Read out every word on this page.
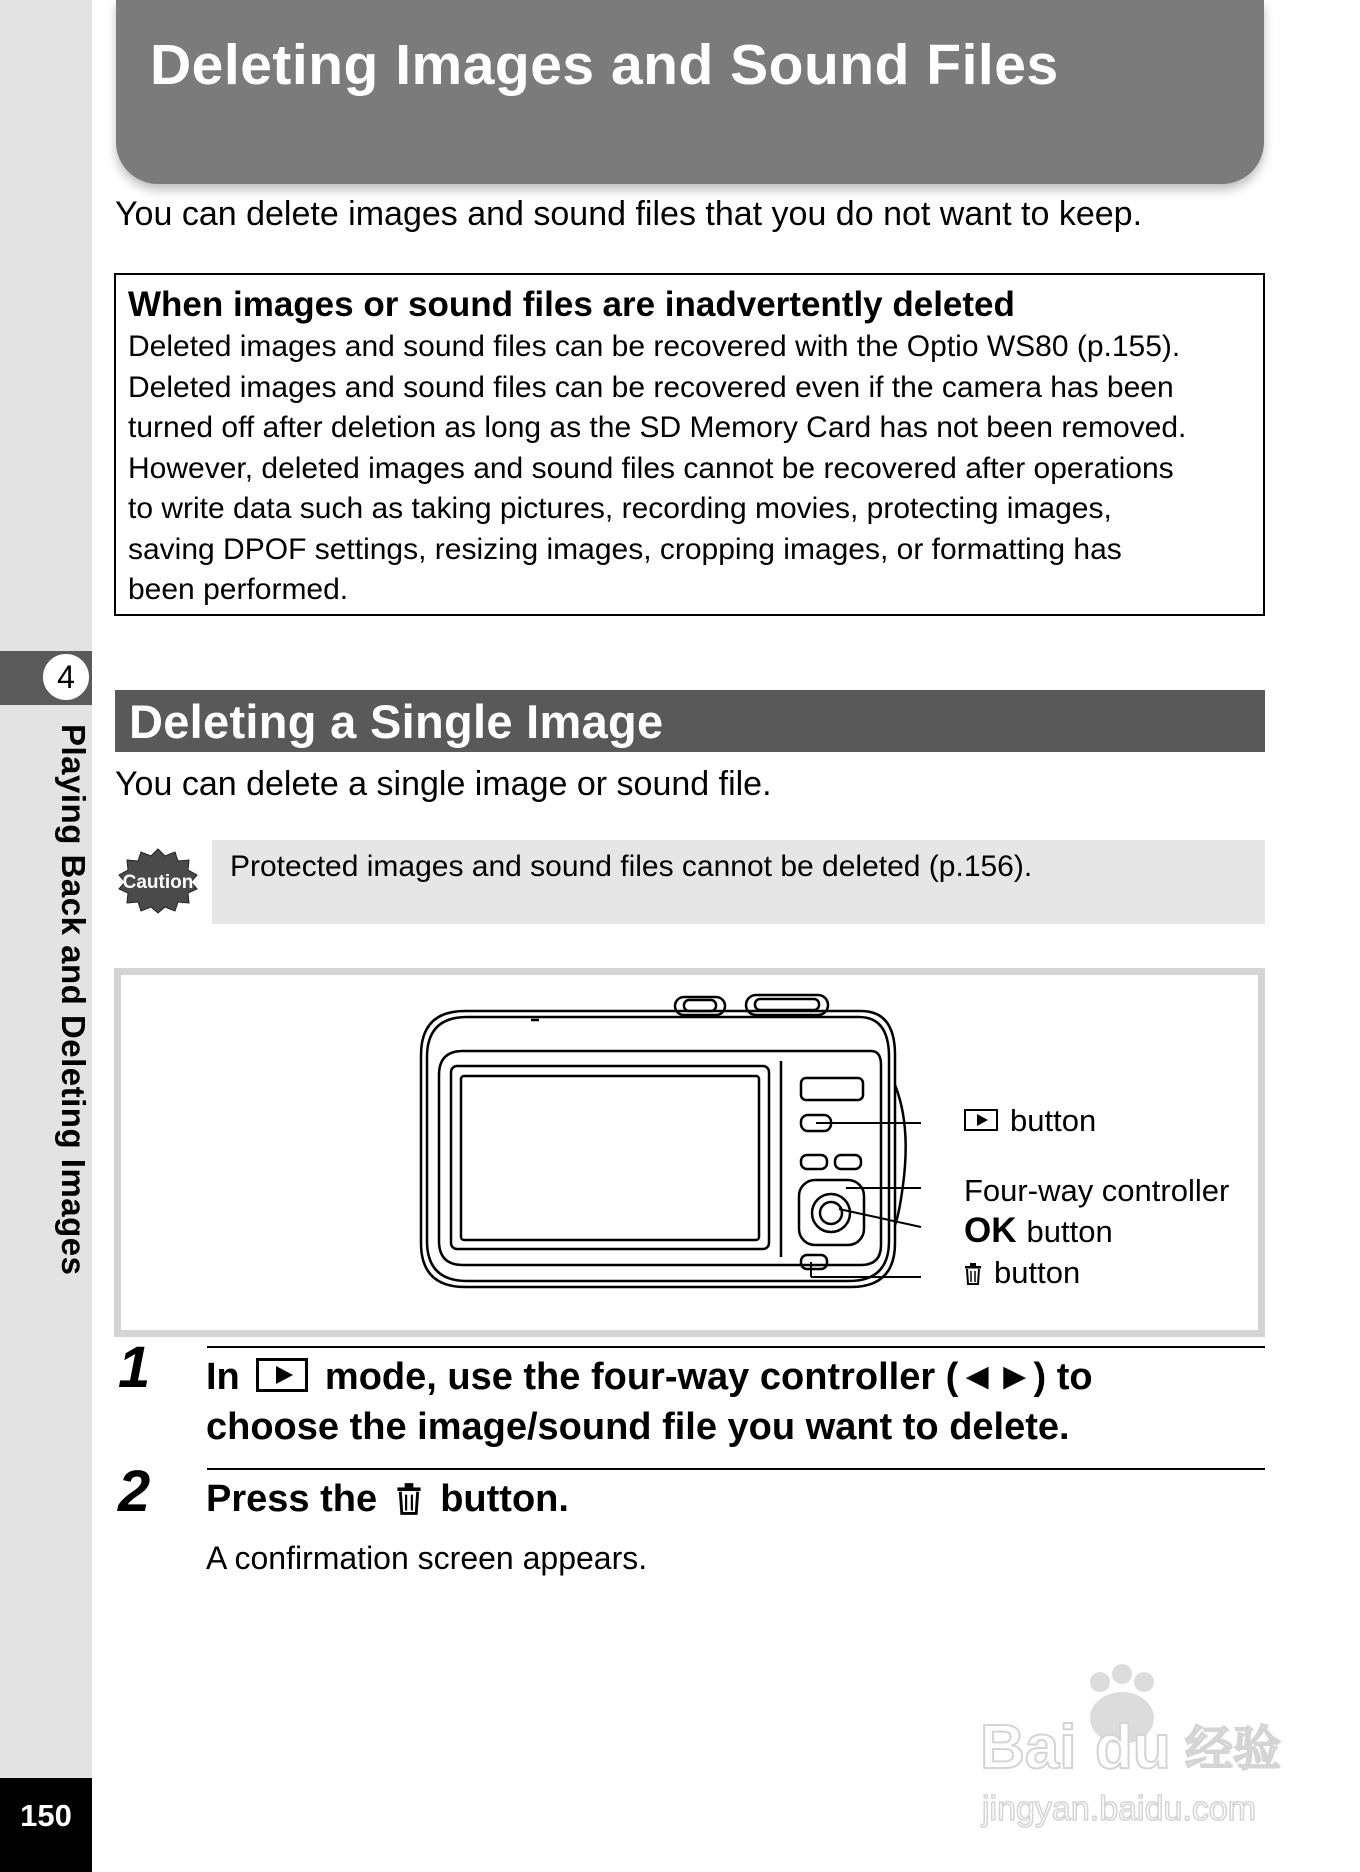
4
Playing Back and Deleting Images
150
Deleting Images and Sound Files
You can delete images and sound files that you do not want to keep.
When images or sound files are inadvertently deleted
Deleted images and sound files can be recovered with the Optio WS80 (p.155).
Deleted images and sound files can be recovered even if the camera has been
turned off after deletion as long as the SD Memory Card has not been removed.
However, deleted images and sound files cannot be recovered after operations
to write data such as taking pictures, recording movies, protecting images,
saving DPOF settings, resizing images, cropping images, or formatting has
been performed.
Deleting a Single Image
You can delete a single image or sound file.
Caution	Protected images and sound files cannot be deleted (p.156).
button
Four-way controller
OK button
button
1 In mode, use the four-way controller (◄►) to
choose the image/sound file you want to delete.
2 Press the button.
A confirmation screen appears.
Bai du 经验
jingyan.baidu.com
